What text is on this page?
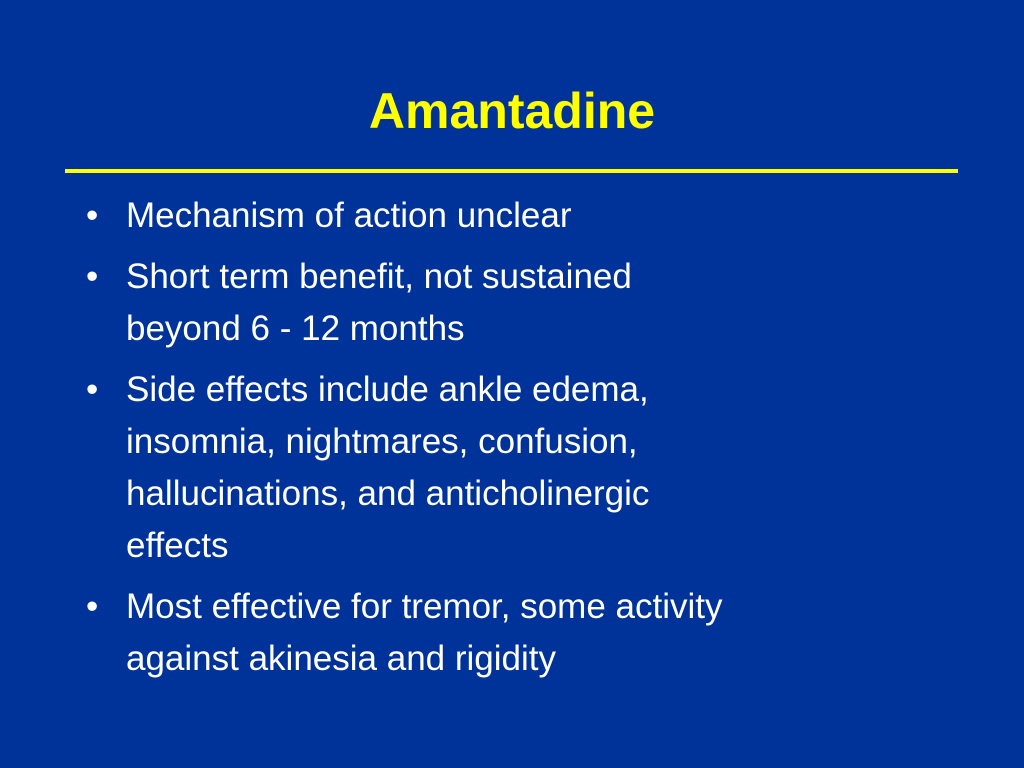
Amantadine
• Mechanism of action unclear
• Short term benefit, not sustained
beyond 6 - 12 months
• Side effects include ankle edema,
insomnia, nightmares, confusion,
hallucinations, and anticholinergic
effects
• Most effective for tremor, some activity
against akinesia and rigidity
